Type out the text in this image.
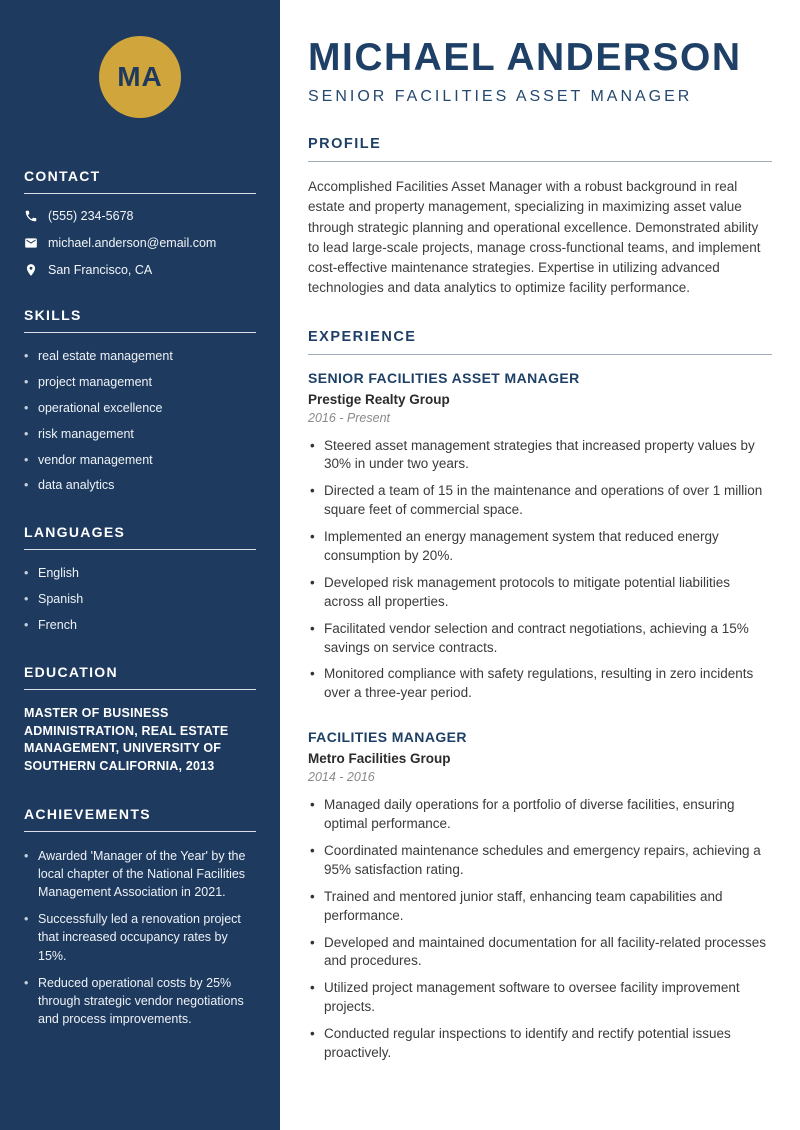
MA
CONTACT
(555) 234-5678
michael.anderson@email.com
San Francisco, CA
SKILLS
• real estate management
• project management
• operational excellence
• risk management
• vendor management
• data analytics
LANGUAGES
• English
• Spanish
• French
EDUCATION

MASTER OF BUSINESS ADMINISTRATION, REAL ESTATE MANAGEMENT, UNIVERSITY OF SOUTHERN CALIFORNIA, 2013

ACHIEVEMENTS
• Awarded 'Manager of the Year' by the local chapter of the National Facilities Management Association in 2021.
• Successfully led a renovation project that increased occupancy rates by 15%.
• Reduced operational costs by 25% through strategic vendor negotiations and process improvements.
MICHAEL ANDERSON
SENIOR FACILITIES ASSET MANAGER
PROFILE

Accomplished Facilities Asset Manager with a robust background in real estate and property management, specializing in maximizing asset value through strategic planning and operational excellence. Demonstrated ability to lead large-scale projects, manage cross-functional teams, and implement cost-effective maintenance strategies. Expertise in utilizing advanced technologies and data analytics to optimize facility performance.

EXPERIENCE
SENIOR FACILITIES ASSET MANAGER
Prestige Realty Group
2016 - Present
• Steered asset management strategies that increased property values by 30% in under two years.
• Directed a team of 15 in the maintenance and operations of over 1 million square feet of commercial space.
• Implemented an energy management system that reduced energy consumption by 20%.
• Developed risk management protocols to mitigate potential liabilities across all properties.
• Facilitated vendor selection and contract negotiations, achieving a 15% savings on service contracts.
• Monitored compliance with safety regulations, resulting in zero incidents over a three-year period.
FACILITIES MANAGER
Metro Facilities Group
2014 - 2016
• Managed daily operations for a portfolio of diverse facilities, ensuring optimal performance.
• Coordinated maintenance schedules and emergency repairs, achieving a 95% satisfaction rating.
• Trained and mentored junior staff, enhancing team capabilities and performance.
• Developed and maintained documentation for all facility-related processes and procedures.
• Utilized project management software to oversee facility improvement projects.
• Conducted regular inspections to identify and rectify potential issues proactively.
